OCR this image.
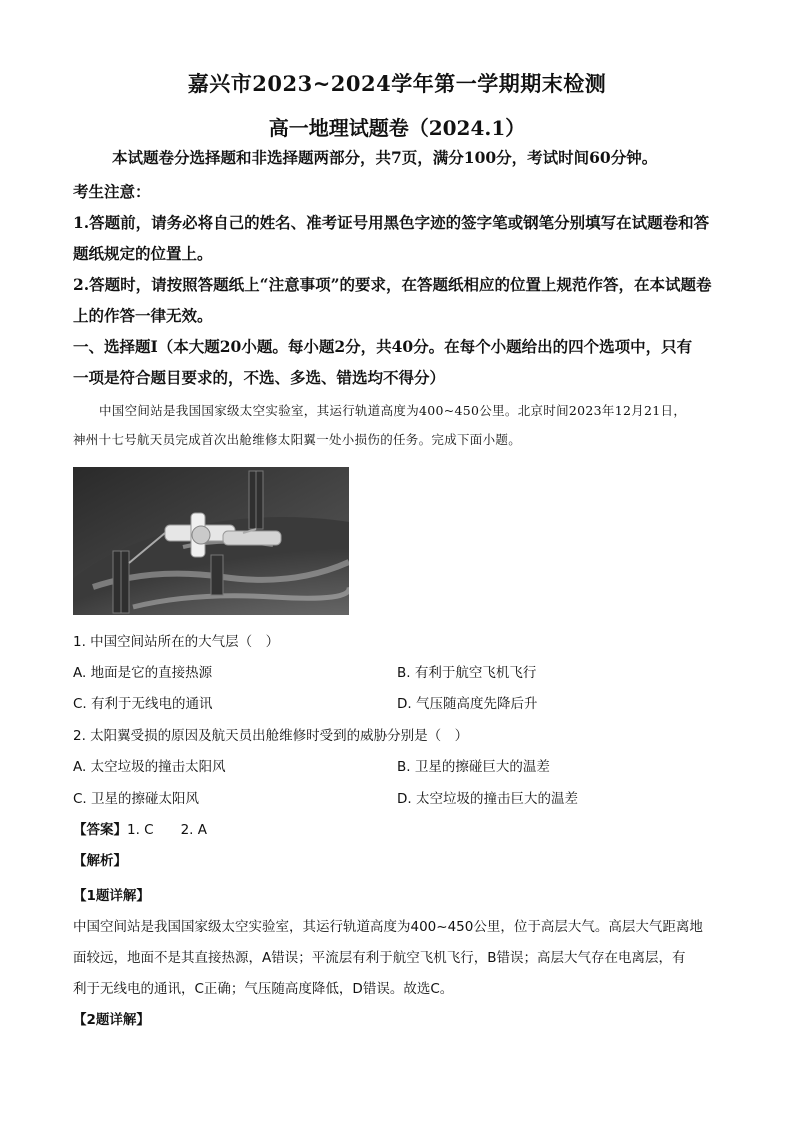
嘉兴市2023~2024学年第一学期期末检测
高一地理试题卷（2024.1）
本试题卷分选择题和非选择题两部分，共7页，满分100分，考试时间60分钟。
考生注意：
1.答题前，请务必将自己的姓名、准考证号用黑色字迹的签字笔或钢笔分别填写在试题卷和答
题纸规定的位置上。
2.答题时，请按照答题纸上“注意事项”的要求，在答题纸相应的位置上规范作答，在本试题卷
上的作答一律无效。
一、选择题Ⅰ（本大题20小题。每小题2分，共40分。在每个小题给出的四个选项中，只有
一项是符合题目要求的，不选、多选、错选均不得分）
中国空间站是我国国家级太空实验室，其运行轨道高度为400~450公里。北京时间2023年12月21日，
神州十七号航天员完成首次出舱维修太阳翼一处小损伤的任务。完成下面小题。
1. 中国空间站所在的大气层（　）
A. 地面是它的直接热源	B. 有利于航空飞机飞行
C. 有利于无线电的通讯	D. 气压随高度先降后升
2. 太阳翼受损的原因及航天员出舱维修时受到的威胁分别是（　）
A. 太空垃圾的撞击太阳风	B. 卫星的擦碰巨大的温差
C. 卫星的擦碰太阳风	D. 太空垃圾的撞击巨大的温差
【答案】1. C　　2. A
【解析】
【1题详解】
中国空间站是我国国家级太空实验室，其运行轨道高度为400~450公里，位于高层大气。高层大气距离地
面较远，地面不是其直接热源，A错误；平流层有利于航空飞机飞行，B错误；高层大气存在电离层，有
利于无线电的通讯，C正确；气压随高度降低，D错误。故选C。
【2题详解】
